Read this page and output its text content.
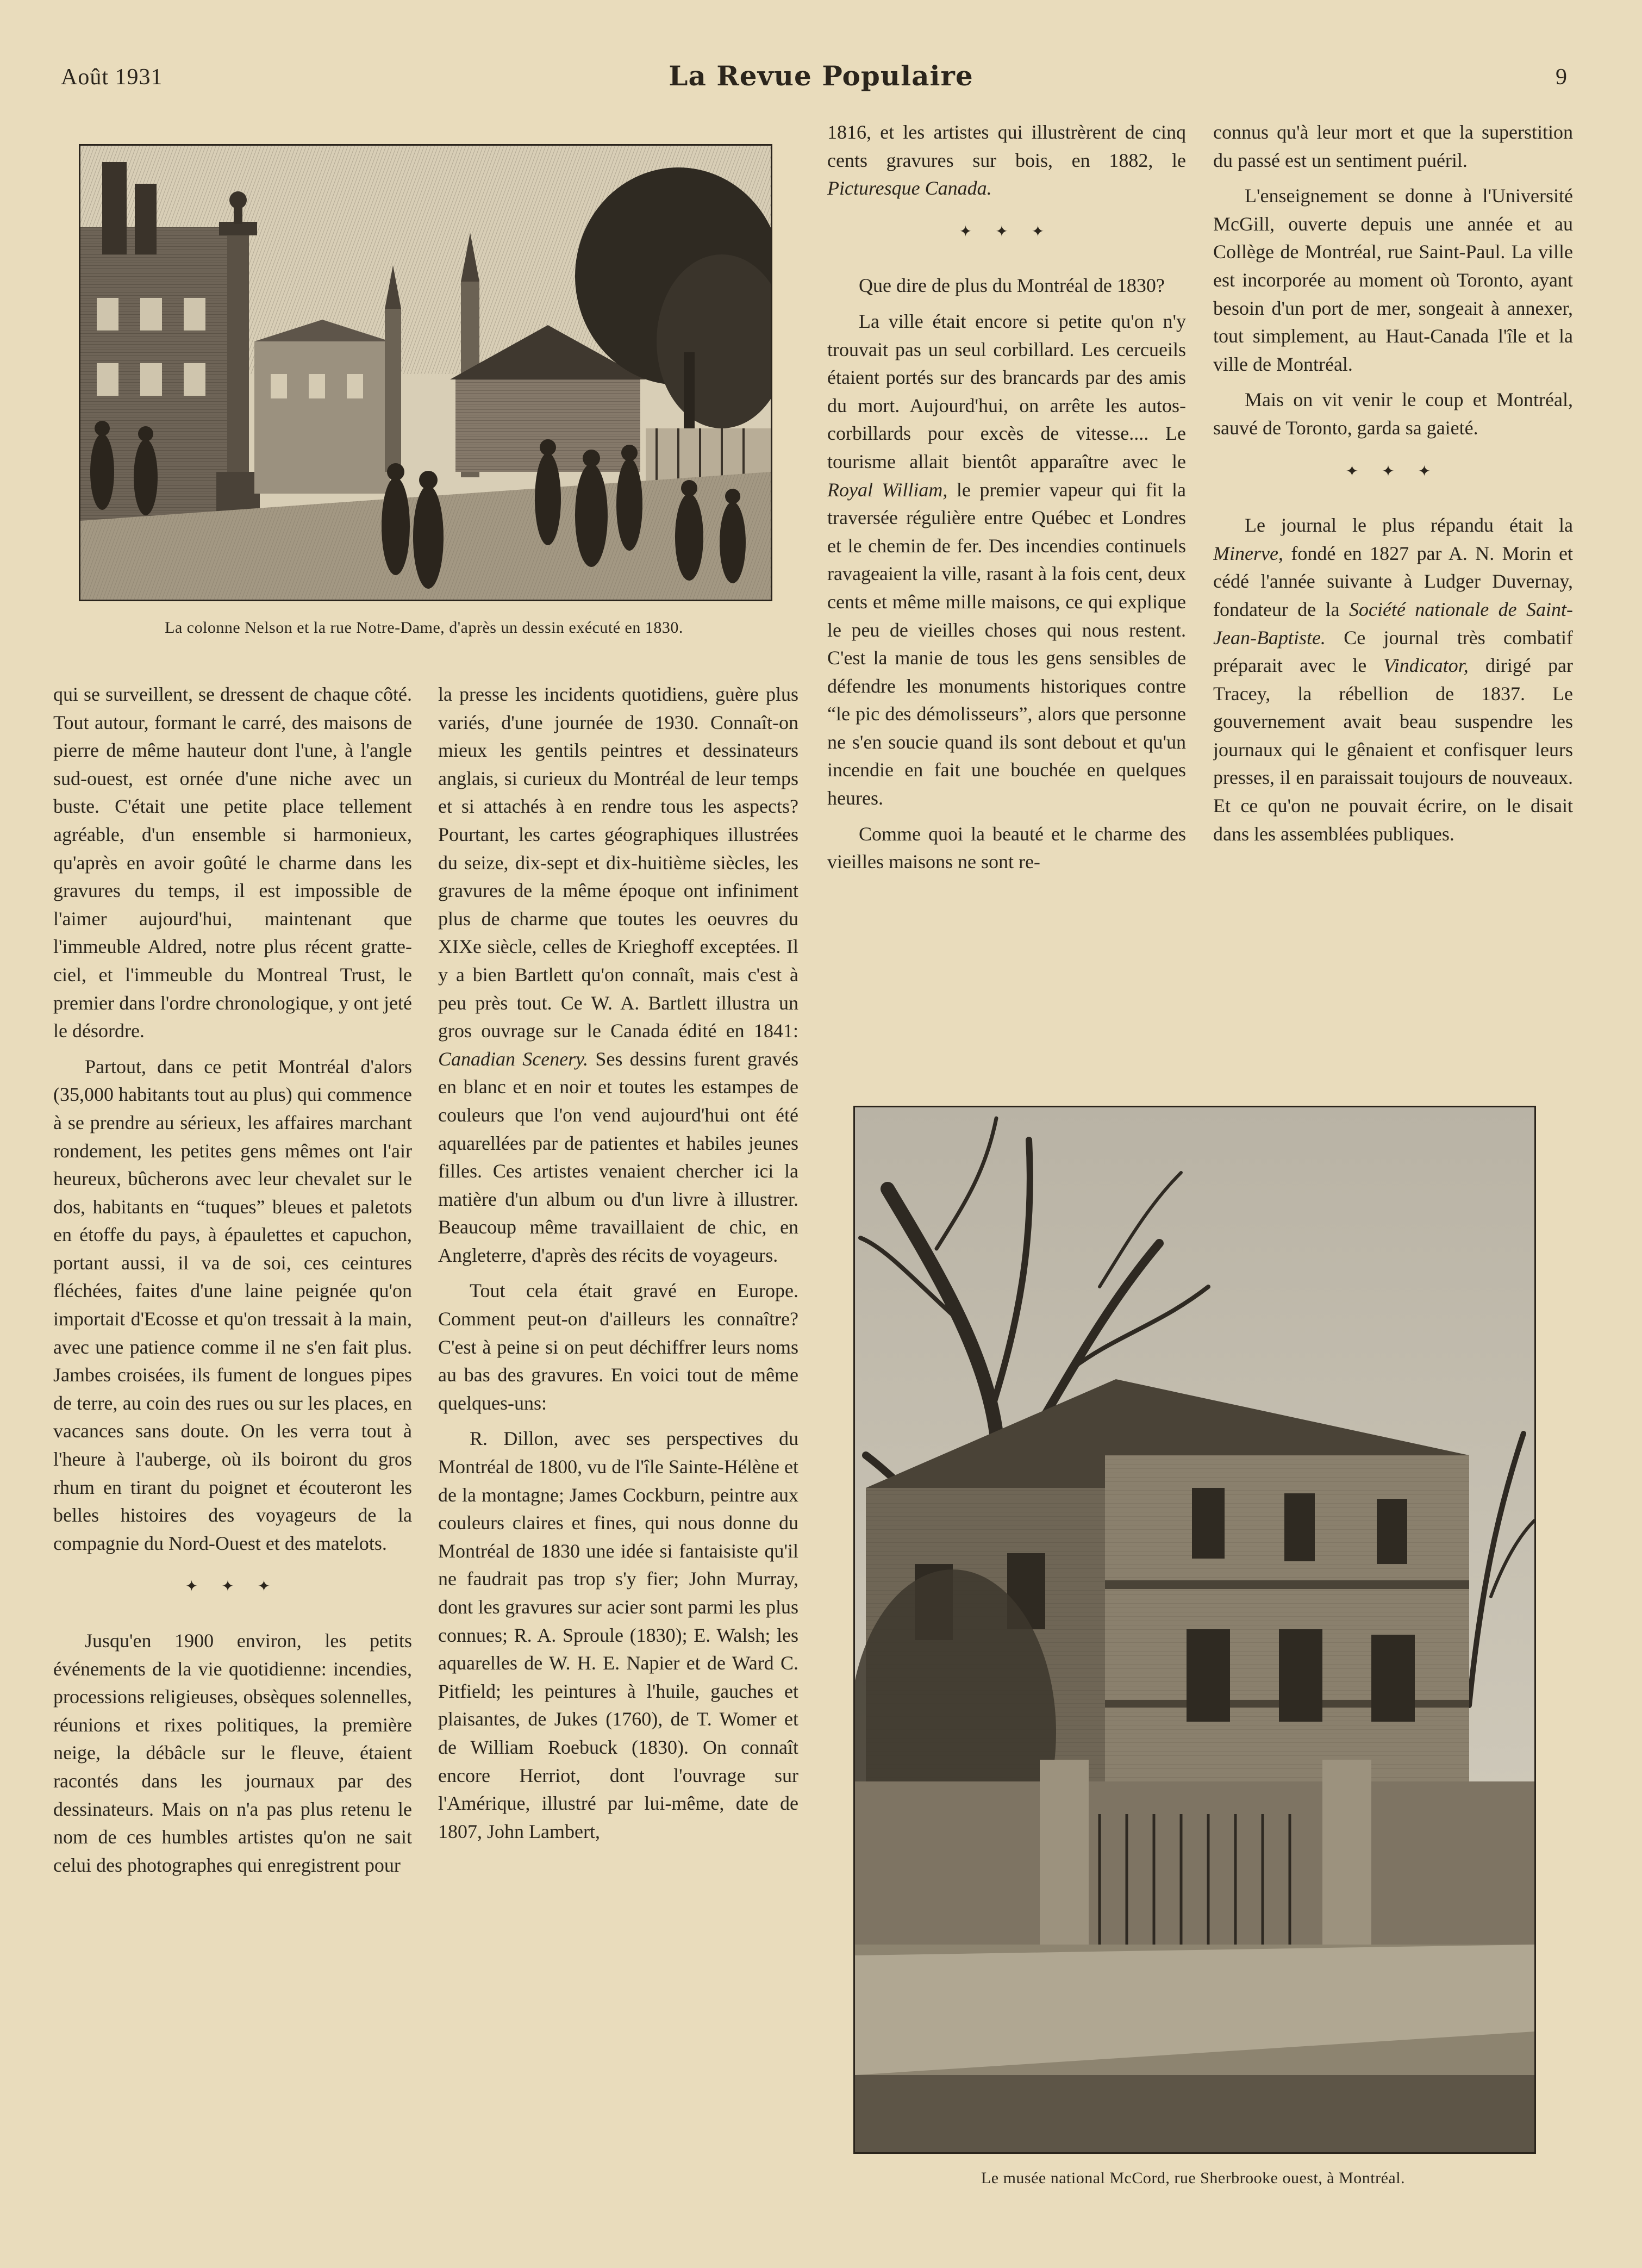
Août 1931	La Revue Populaire	9
La colonne Nelson et la rue Notre-Dame, d'après un dessin exécuté en 1830.

qui se surveillent, se dressent de chaque côté. Tout autour, formant le carré, des maisons de pierre de même hauteur dont l'une, à l'angle sud-ouest, est ornée d'une niche avec un buste. C'était une petite place tellement agréable, d'un ensemble si harmonieux, qu'après en avoir goûté le charme dans les gravures du temps, il est impossible de l'aimer aujourd'hui, maintenant que l'immeuble Aldred, notre plus récent gratte-ciel, et l'immeuble du Montreal Trust, le premier dans l'ordre chronologique, y ont jeté le désordre.

Partout, dans ce petit Montréal d'alors (35,000 habitants tout au plus) qui commence à se prendre au sérieux, les affaires marchant rondement, les petites gens mêmes ont l'air heureux, bûcherons avec leur chevalet sur le dos, habitants en “tuques” bleues et paletots en étoffe du pays, à épaulettes et capuchon, portant aussi, il va de soi, ces ceintures fléchées, faites d'une laine peignée qu'on importait d'Ecosse et qu'on tressait à la main, avec une patience comme il ne s'en fait plus. Jambes croisées, ils fument de longues pipes de terre, au coin des rues ou sur les places, en vacances sans doute. On les verra tout à l'heure à l'auberge, où ils boiront du gros rhum en tirant du poignet et écouteront les belles histoires des voyageurs de la compagnie du Nord-Ouest et des matelots.

✦ ✦ ✦

Jusqu'en 1900 environ, les petits événements de la vie quotidienne: incendies, processions religieuses, obsèques solennelles, réunions et rixes politiques, la première neige, la débâcle sur le fleuve, étaient racontés dans les journaux par des dessinateurs. Mais on n'a pas plus retenu le nom de ces humbles artistes qu'on ne sait celui des photographes qui enregistrent pour

la presse les incidents quotidiens, guère plus variés, d'une journée de 1930. Connaît-on mieux les gentils peintres et dessinateurs anglais, si curieux du Montréal de leur temps et si attachés à en rendre tous les aspects? Pourtant, les cartes géographiques illustrées du seize, dix-sept et dix-huitième siècles, les gravures de la même époque ont infiniment plus de charme que toutes les oeuvres du XIXe siècle, celles de Krieghoff exceptées. Il y a bien Bartlett qu'on connaît, mais c'est à peu près tout. Ce W. A. Bartlett illustra un gros ouvrage sur le Canada édité en 1841: Canadian Scenery. Ses dessins furent gravés en blanc et en noir et toutes les estampes de couleurs que l'on vend aujourd'hui ont été aquarellées par de patientes et habiles jeunes filles. Ces artistes venaient chercher ici la matière d'un album ou d'un livre à illustrer. Beaucoup même travaillaient de chic, en Angleterre, d'après des récits de voyageurs.

Tout cela était gravé en Europe. Comment peut-on d'ailleurs les connaître? C'est à peine si on peut déchiffrer leurs noms au bas des gravures. En voici tout de même quelques-uns:

R. Dillon, avec ses perspectives du Montréal de 1800, vu de l'île Sainte-Hélène et de la montagne; James Cockburn, peintre aux couleurs claires et fines, qui nous donne du Montréal de 1830 une idée si fantaisiste qu'il ne faudrait pas trop s'y fier; John Murray, dont les gravures sur acier sont parmi les plus connues; R. A. Sproule (1830); E. Walsh; les aquarelles de W. H. E. Napier et de Ward C. Pitfield; les peintures à l'huile, gauches et plaisantes, de Jukes (1760), de T. Womer et de William Roebuck (1830). On connaît encore Herriot, dont l'ouvrage sur l'Amérique, illustré par lui-même, date de 1807, John Lambert,

1816, et les artistes qui illustrèrent de cinq cents gravures sur bois, en 1882, le Picturesque Canada.

✦ ✦ ✦

Que dire de plus du Montréal de 1830?

La ville était encore si petite qu'on n'y trouvait pas un seul corbillard. Les cercueils étaient portés sur des brancards par des amis du mort. Aujourd'hui, on arrête les autos-corbillards pour excès de vitesse.... Le tourisme allait bientôt apparaître avec le Royal William, le premier vapeur qui fit la traversée régulière entre Québec et Londres et le chemin de fer. Des incendies continuels ravageaient la ville, rasant à la fois cent, deux cents et même mille maisons, ce qui explique le peu de vieilles choses qui nous restent. C'est la manie de tous les gens sensibles de défendre les monuments historiques contre “le pic des démolisseurs”, alors que personne ne s'en soucie quand ils sont debout et qu'un incendie en fait une bouchée en quelques heures.

Comme quoi la beauté et le charme des vieilles maisons ne sont re-

connus qu'à leur mort et que la superstition du passé est un sentiment puéril.

L'enseignement se donne à l'Université McGill, ouverte depuis une année et au Collège de Montréal, rue Saint-Paul. La ville est incorporée au moment où Toronto, ayant besoin d'un port de mer, songeait à annexer, tout simplement, au Haut-Canada l'île et la ville de Montréal.

Mais on vit venir le coup et Montréal, sauvé de Toronto, garda sa gaieté.

✦ ✦ ✦

Le journal le plus répandu était la Minerve, fondé en 1827 par A. N. Morin et cédé l'année suivante à Ludger Duvernay, fondateur de la Société nationale de Saint-Jean-Baptiste. Ce journal très combatif préparait avec le Vindicator, dirigé par Tracey, la rébellion de 1837. Le gouvernement avait beau suspendre les journaux qui le gênaient et confisquer leurs presses, il en paraissait toujours de nouveaux. Et ce qu'on ne pouvait écrire, on le disait dans les assemblées publiques.

Le musée national McCord, rue Sherbrooke ouest, à Montréal.
